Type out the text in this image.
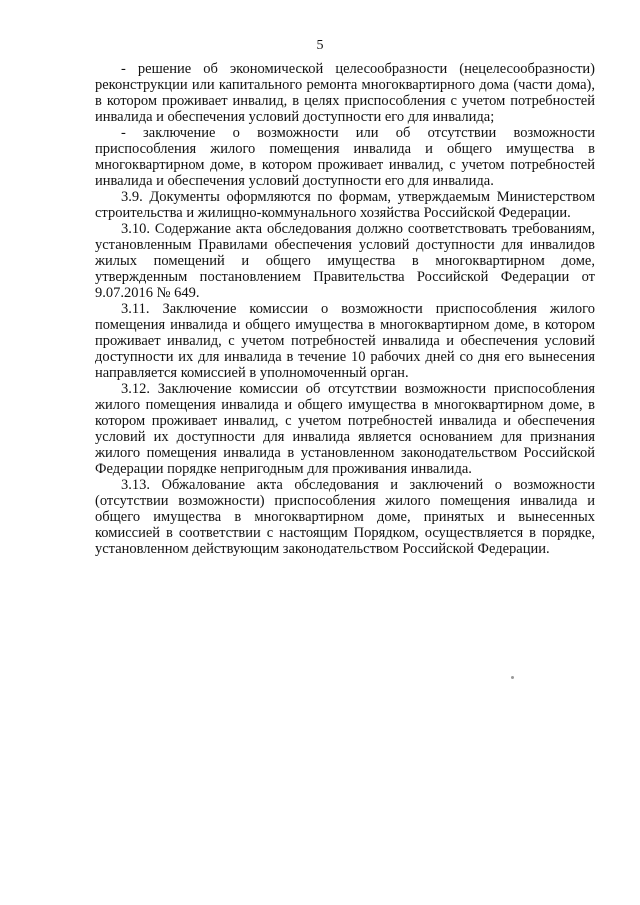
5

- решение об экономической целесообразности (нецелесообразности) реконструкции или капитального ремонта многоквартирного дома (части дома), в котором проживает инвалид, в целях приспособления с учетом потребностей инвалида и обеспечения условий доступности его для инвалида;

- заключение о возможности или об отсутствии возможности приспособления жилого помещения инвалида и общего имущества в многоквартирном доме, в котором проживает инвалид, с учетом потребностей инвалида и обеспечения условий доступности его для инвалида.

3.9. Документы оформляются по формам, утверждаемым Министерством строительства и жилищно-коммунального хозяйства Российской Федерации.

3.10. Содержание акта обследования должно соответствовать требованиям, установленным Правилами обеспечения условий доступности для инвалидов жилых помещений и общего имущества в многоквартирном доме, утвержденным постановлением Правительства Российской Федерации от 9.07.2016 № 649.

3.11. Заключение комиссии о возможности приспособления жилого помещения инвалида и общего имущества в многоквартирном доме, в котором проживает инвалид, с учетом потребностей инвалида и обеспечения условий доступности их для инвалида в течение 10 рабочих дней со дня его вынесения направляется комиссией в уполномоченный орган.

3.12. Заключение комиссии об отсутствии возможности приспособления жилого помещения инвалида и общего имущества в многоквартирном доме, в котором проживает инвалид, с учетом потребностей инвалида и обеспечения условий их доступности для инвалида является основанием для признания жилого помещения инвалида в установленном законодательством Российской Федерации порядке непригодным для проживания инвалида.

3.13. Обжалование акта обследования и заключений о возможности (отсутствии возможности) приспособления жилого помещения инвалида и общего имущества в многоквартирном доме, принятых и вынесенных комиссией в соответствии с настоящим Порядком, осуществляется в порядке, установленном действующим законодательством Российской Федерации.
